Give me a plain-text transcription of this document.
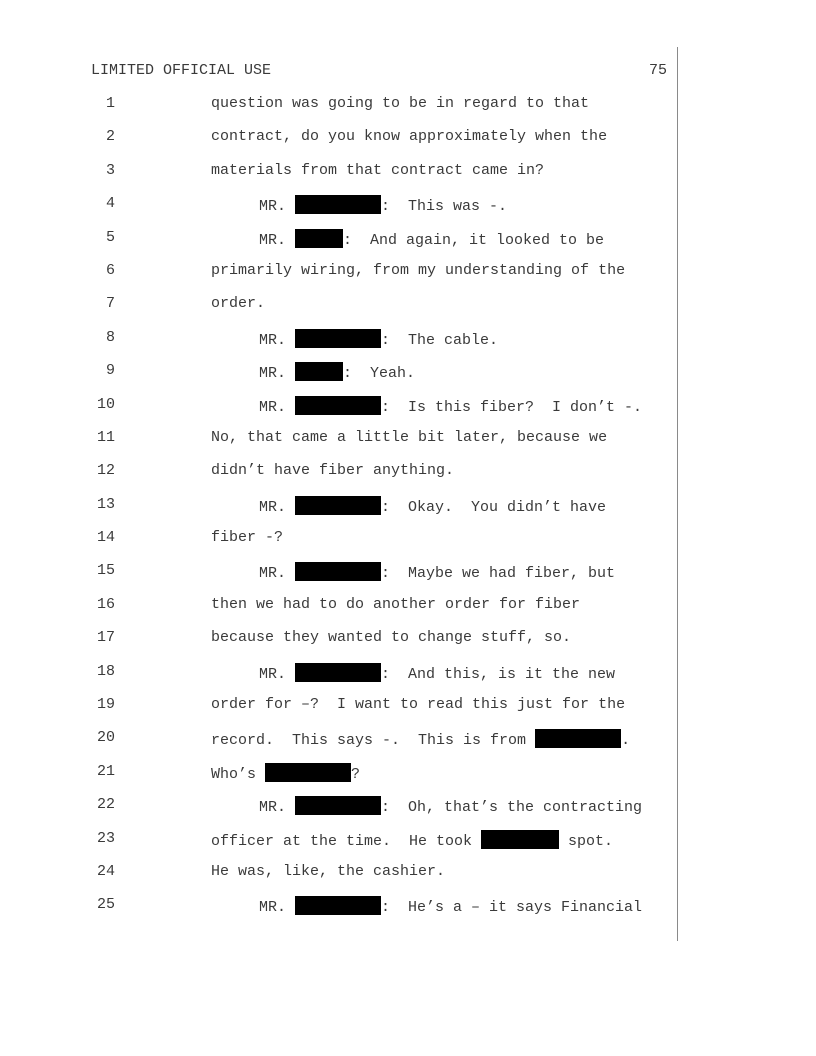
LIMITED OFFICIAL USE	75
1	question was going to be in regard to that
2	contract, do you know approximately when the
3	materials from that contract came in?
4	MR.	:  This was -.
5	MR.	:  And again, it looked to be
6	primarily wiring, from my understanding of the
7	order.
8	MR.	:  The cable.
9	MR.	:  Yeah.
10	MR.	:  Is this fiber?  I don’t -.
11	No, that came a little bit later, because we
12	didn’t have fiber anything.
13	MR.	:  Okay.  You didn’t have
14	fiber -?
15	MR.	:  Maybe we had fiber, but
16	then we had to do another order for fiber
17	because they wanted to change stuff, so.
18	MR.	:  And this, is it the new
19	order for –?  I want to read this just for the
20	record.  This says -.  This is from	.
21	Who’s	?
22	MR.	:  Oh, that’s the contracting
23	officer at the time.  He took	spot.
24	He was, like, the cashier.
25	MR.	:  He’s a – it says Financial
